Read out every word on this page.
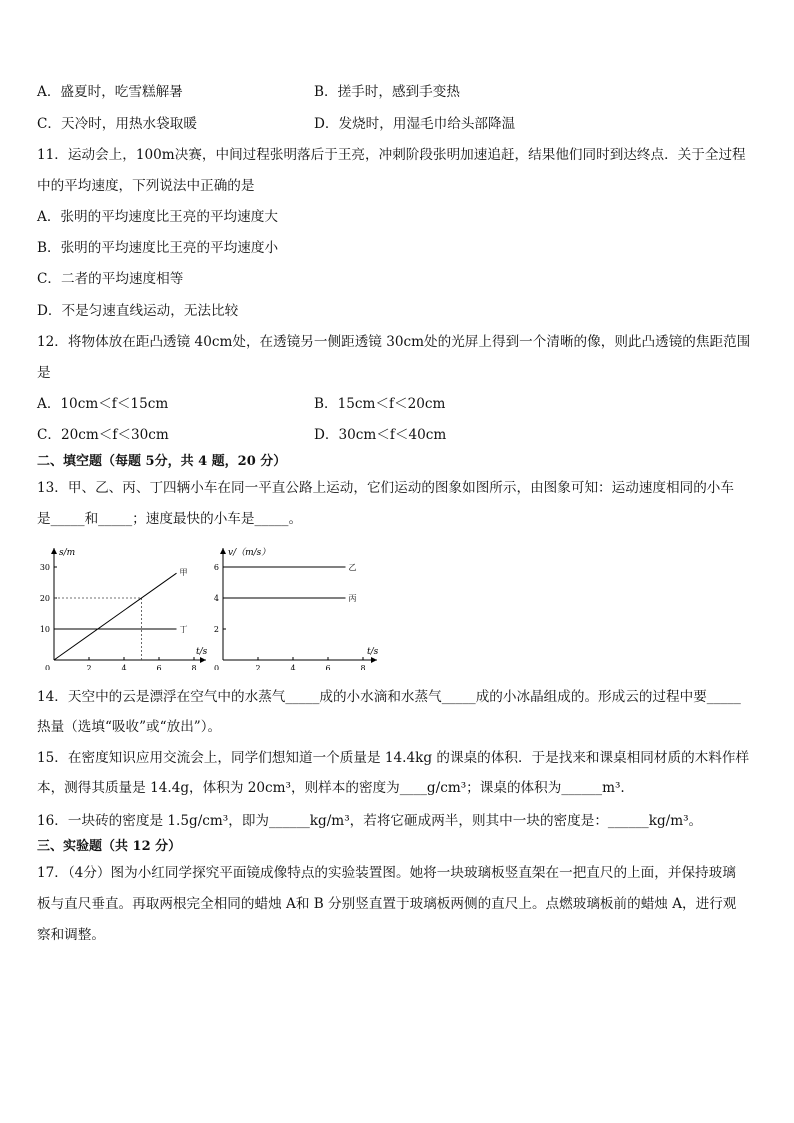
A．盛夏时，吃雪糕解暑	B．搓手时，感到手变热
C．天冷时，用热水袋取暖	D．发烧时，用湿毛巾给头部降温
11．运动会上，100m决赛，中间过程张明落后于王亮，冲刺阶段张明加速追赶，结果他们同时到达终点．关于全过程
中的平均速度，下列说法中正确的是
A．张明的平均速度比王亮的平均速度大
B．张明的平均速度比王亮的平均速度小
C．二者的平均速度相等
D．不是匀速直线运动，无法比较
12．将物体放在距凸透镜 40cm处，在透镜另一侧距透镜 30cm处的光屏上得到一个清晰的像，则此凸透镜的焦距范围
是
A．10cm＜f＜15cm	B．15cm＜f＜20cm
C．20cm＜f＜30cm	D．30cm＜f＜40cm
二、填空题（每题 5分，共 4 题，20 分）
13．甲、乙、丙、丁四辆小车在同一平直公路上运动，它们运动的图象如图所示，由图象可知：运动速度相同的小车
是_____和_____；速度最快的小车是_____。
s/m
t/s
0	2	4	6	8
10
20
30
甲
丁
v/（m/s）
t/s
0	2	4	6	8
2
4
6	乙
丙
14．天空中的云是漂浮在空气中的水蒸气_____成的小水滴和水蒸气_____成的小冰晶组成的。形成云的过程中要_____
热量（选填“吸收”或“放出”）。
15．在密度知识应用交流会上，同学们想知道一个质量是 14.4kg 的课桌的体积．于是找来和课桌相同材质的木料作样
本，测得其质量是 14.4g，体积为 20cm³，则样本的密度为____g/cm³；课桌的体积为______m³.
16．一块砖的密度是 1.5g/cm³，即为______kg/m³，若将它砸成两半，则其中一块的密度是：______kg/m³。
三、实验题（共 12 分）
17．（4分）图为小红同学探究平面镜成像特点的实验装置图。她将一块玻璃板竖直架在一把直尺的上面，并保持玻璃
板与直尺垂直。再取两根完全相同的蜡烛 A和 B 分别竖直置于玻璃板两侧的直尺上。点燃玻璃板前的蜡烛 A，进行观
察和调整。
